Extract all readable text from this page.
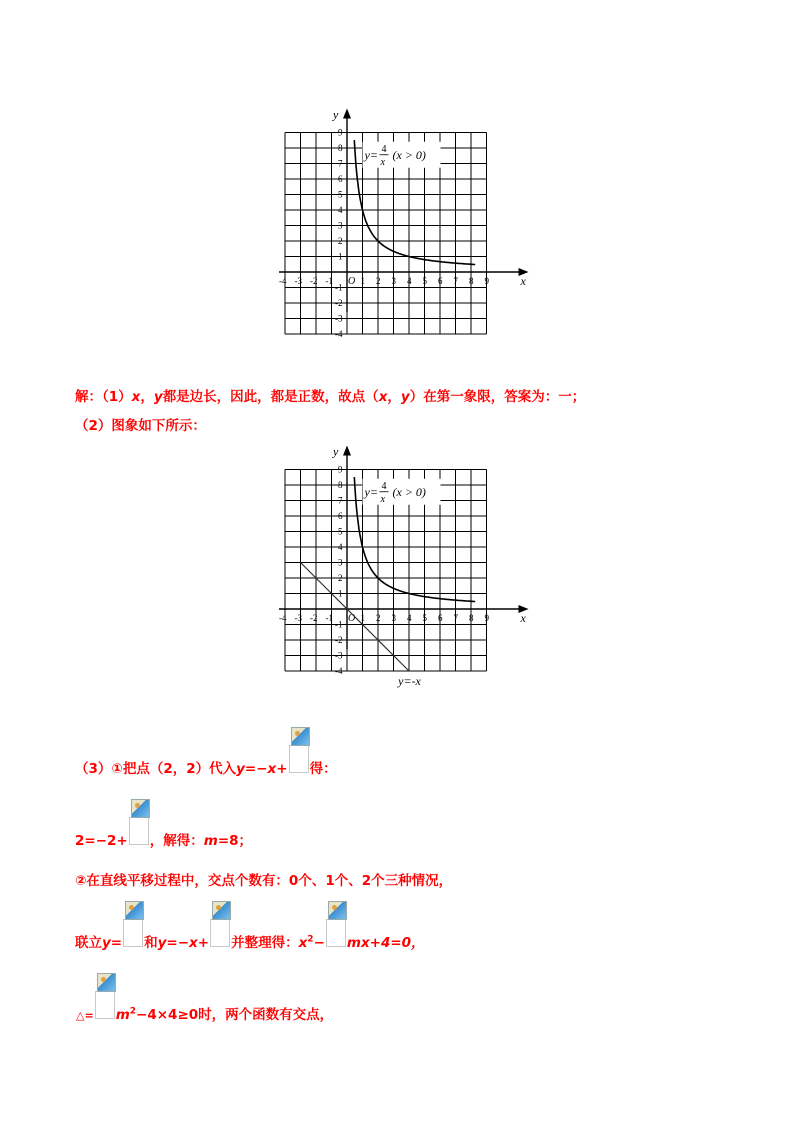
x
y
O
-4 -3 -2 -1	1 2 3 4 5 6 7 8 9
9
8
7
6
5
4
3
2
1
-1
-2
-3
-4
y= 4
x
(x > 0)
解：（1）x，y都是边长，因此，都是正数，故点（x，y）在第一象限，答案为：一；
（2）图象如下所示：
x
y
O
-4 -3 -2 -1	1 2 3 4 5 6 7 8 9
9
8
7
6
5
4
3
2
1
-1
-2
-3
-4
y= 4
x
(x > 0)
y=-x
（3）①把点（2，2）代入y=−x+ 得：
2=−2+ ，解得：m=8；
②在直线平移过程中，交点个数有：0个、1个、2个三种情况，
联立y= 和y=−x+ 并整理得：$x^2- mx+4=0$，
△= $m^2-4\times 4\ge 0$时，两个函数有交点，
